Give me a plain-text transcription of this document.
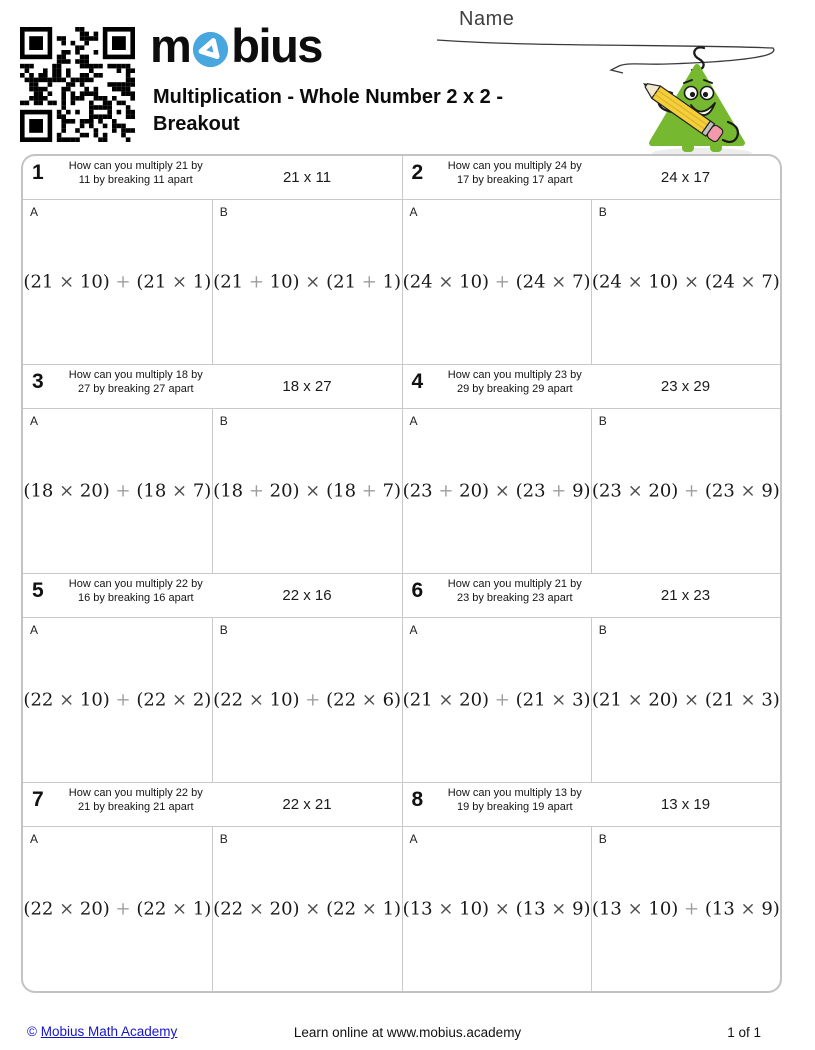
m bius
Multiplication - Whole Number 2 x 2 -
Breakout
Name
1	How can you multiply 21 by 11 by breaking 11 apart	21 x 11
A
(21 × 10) + (21 × 1)
B
(21 + 10) × (21 + 1)
2	How can you multiply 24 by 17 by breaking 17 apart	24 x 17
A
(24 × 10) + (24 × 7)
B
(24 × 10) × (24 × 7)
3	How can you multiply 18 by 27 by breaking 27 apart	18 x 27
A
(18 × 20) + (18 × 7)
B
(18 + 20) × (18 + 7)
4	How can you multiply 23 by 29 by breaking 29 apart	23 x 29
A
(23 + 20) × (23 + 9)
B
(23 × 20) + (23 × 9)
5	How can you multiply 22 by 16 by breaking 16 apart	22 x 16
A
(22 × 10) + (22 × 2)
B
(22 × 10) + (22 × 6)
6	How can you multiply 21 by 23 by breaking 23 apart	21 x 23
A
(21 × 20) + (21 × 3)
B
(21 × 20) × (21 × 3)
7	How can you multiply 22 by 21 by breaking 21 apart	22 x 21
A
(22 × 20) + (22 × 1)
B
(22 × 20) × (22 × 1)
8	How can you multiply 13 by 19 by breaking 19 apart	13 x 19
A
(13 × 10) × (13 × 9)
B
(13 × 10) + (13 × 9)
© Mobius Math Academy	Learn online at www.mobius.academy	1 of 1
